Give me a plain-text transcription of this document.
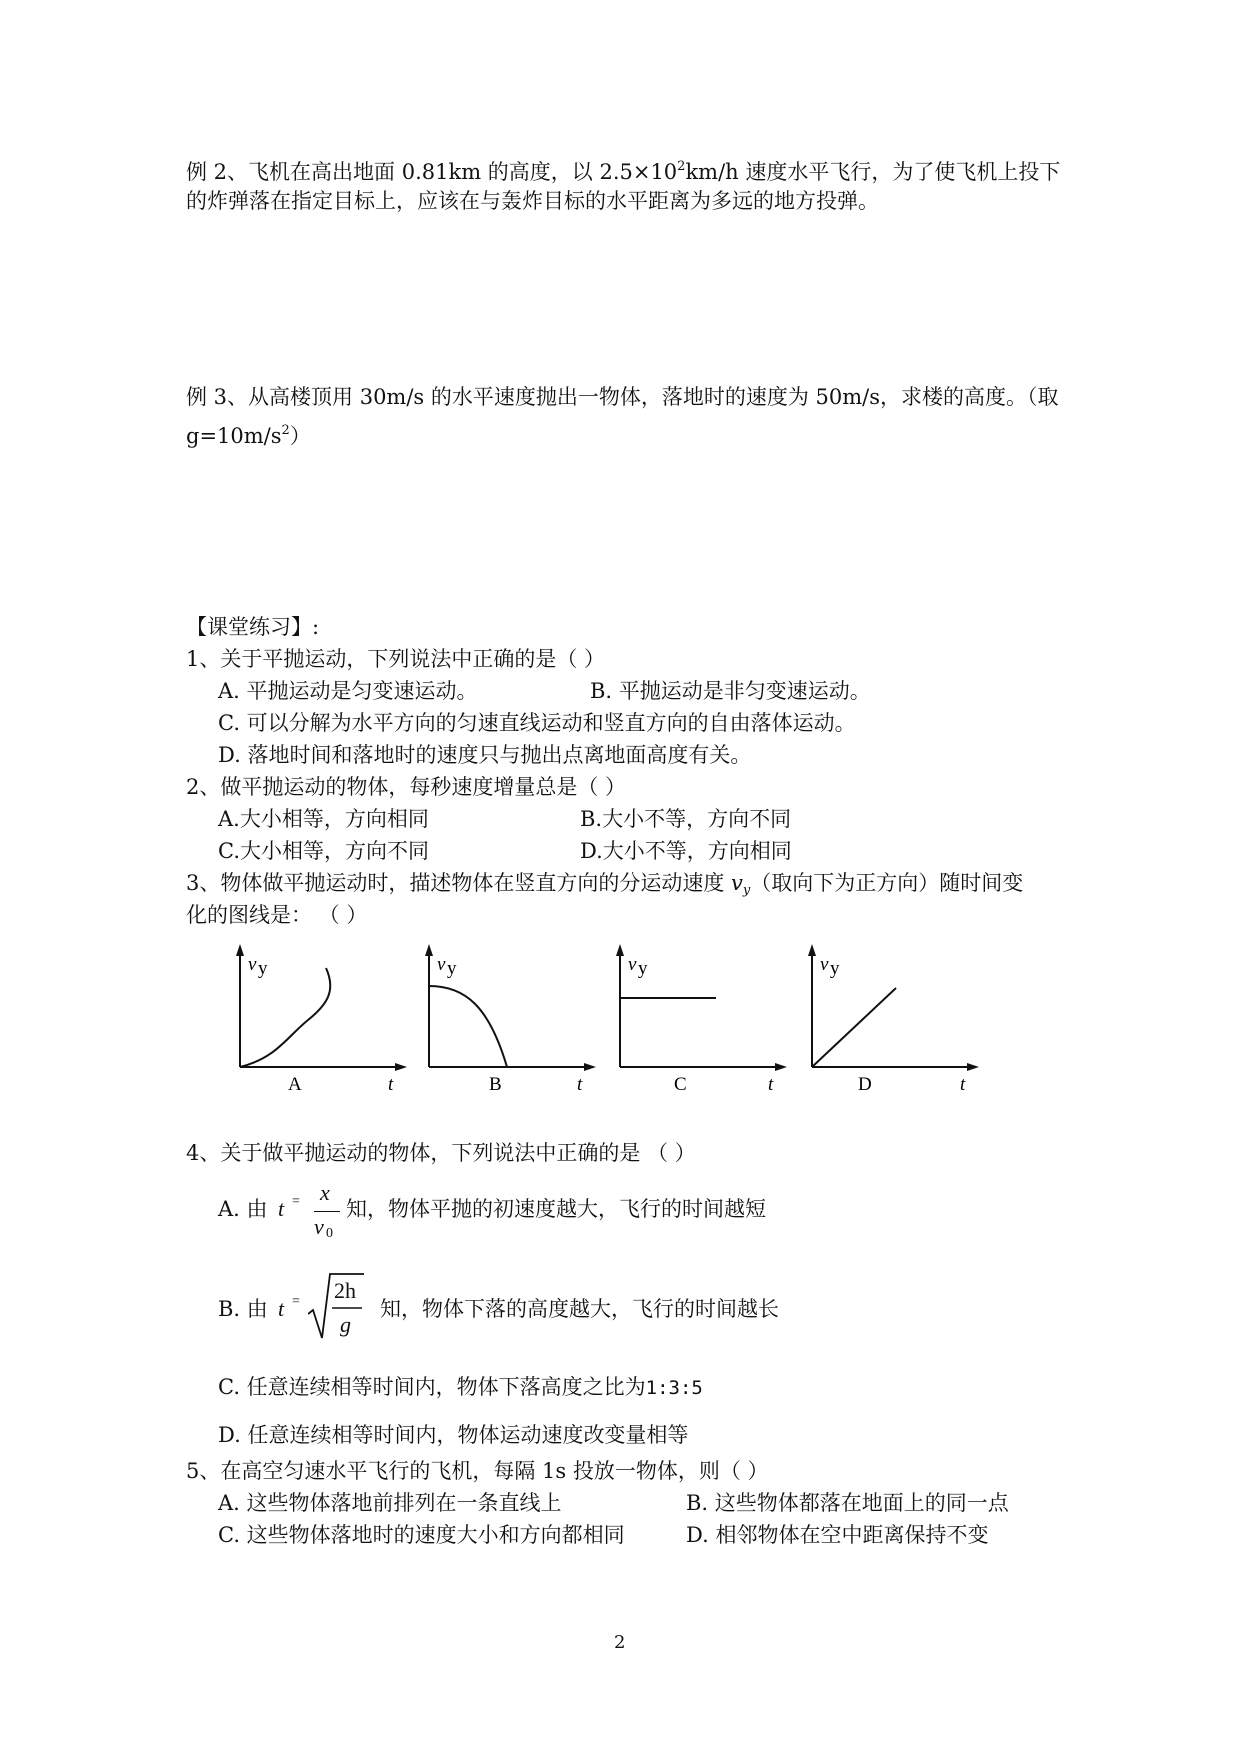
例 2、飞机在高出地面 0.81km 的高度，以 $2.5\times 10^2km/h$ 速度水平飞行，为了使飞机上投下
的炸弹落在指定目标上，应该在与轰炸目标的水平距离为多远的地方投弹。
例 3、从高楼顶用 30m/s 的水平速度抛出一物体，落地时的速度为 50m/s，求楼的高度。（取
$g=10m/s^2$）
【课堂练习】:
1、关于平抛运动，下列说法中正确的是（ ）
A. 平抛运动是匀变速运动。	B. 平抛运动是非匀变速运动。
C. 可以分解为水平方向的匀速直线运动和竖直方向的自由落体运动。
D. 落地时间和落地时的速度只与抛出点离地面高度有关。
2、做平抛运动的物体，每秒速度增量总是（ ）
A.大小相等，方向相同	B.大小不等，方向不同
C.大小相等，方向不同	D.大小不等，方向相同
3、物体做平抛运动时，描述物体在竖直方向的分运动速度 vy（取向下为正方向）随时间变
化的图线是： （ ）
v y
t
A
v y
t
B
v y
t
C
v y
t
D
4、关于做平抛运动的物体，下列说法中正确的是 （ ）
A. 由 t = x
v 0
知，物体平抛的初速度越大，飞行的时间越短
B. 由 t = 2h
g
知，物体下落的高度越大，飞行的时间越长
C. 任意连续相等时间内，物体下落高度之比为1:3:5
D. 任意连续相等时间内，物体运动速度改变量相等
5、在高空匀速水平飞行的飞机，每隔 1s 投放一物体，则（ ）
A. 这些物体落地前排列在一条直线上	B. 这些物体都落在地面上的同一点
C. 这些物体落地时的速度大小和方向都相同	D. 相邻物体在空中距离保持不变
2
